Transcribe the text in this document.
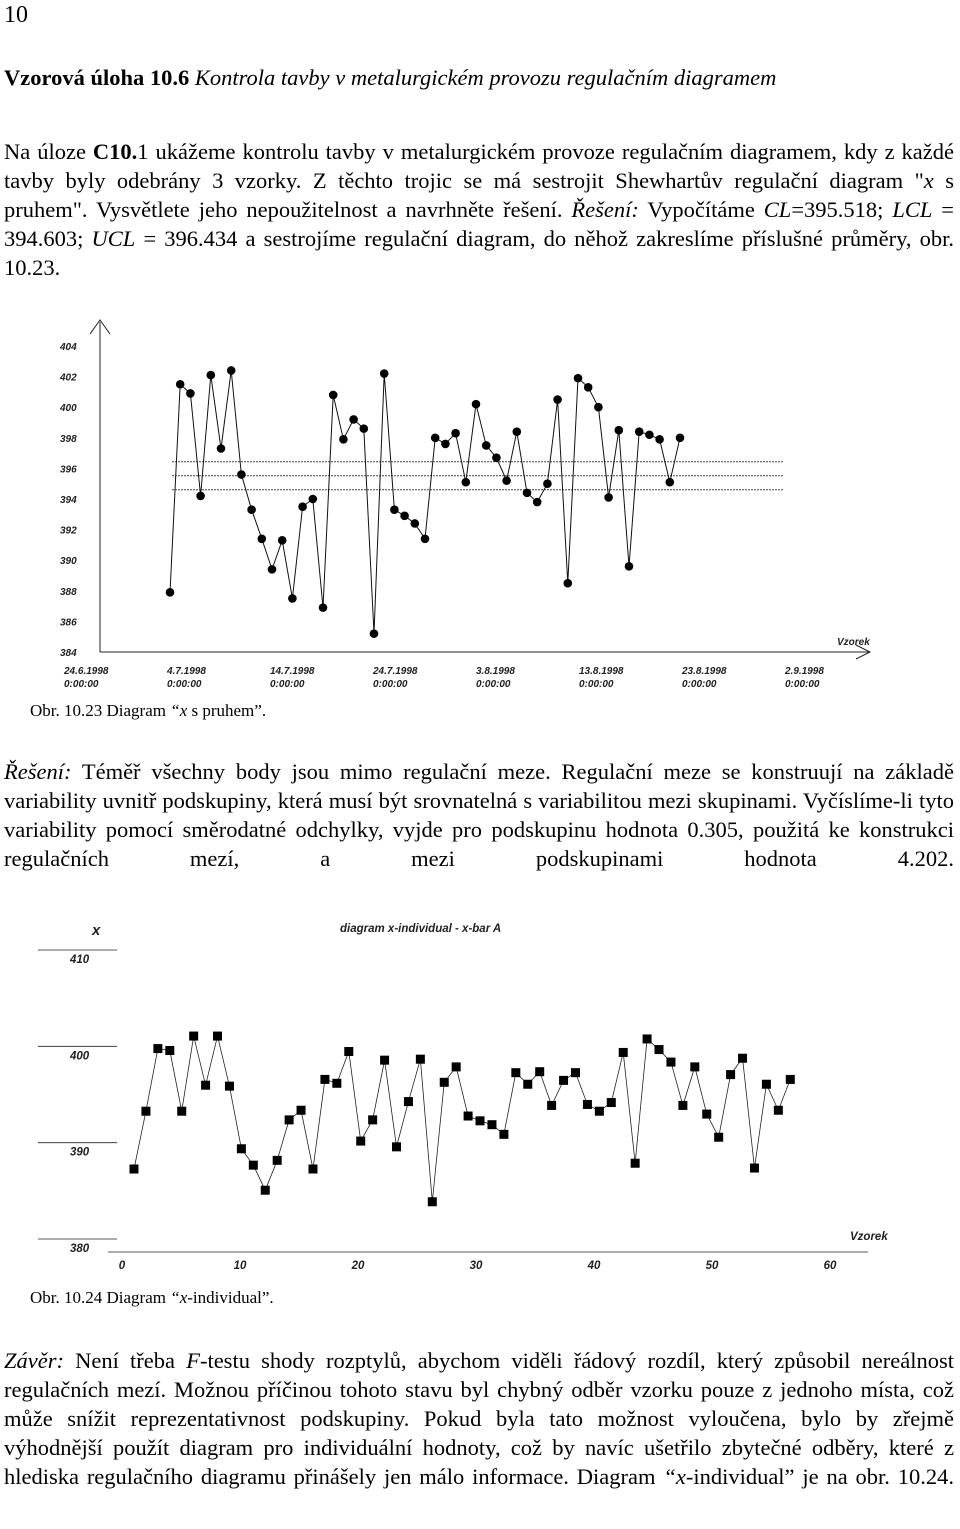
10
Vzorová úloha 10.6 Kontrola tavby v metalurgickém provozu regulačním diagramem
Na úloze C10.1 ukážeme kontrolu tavby v metalurgickém provoze regulačním diagramem, kdy z každé tavby byly odebrány 3 vzorky. Z těchto trojic se má sestrojit Shewhartův regulační diagram "x s pruhem". Vysvětlete jeho nepoužitelnost a navrhněte řešení. Řešení: Vypočítáme CL=395.518; LCL = 394.603; UCL = 396.434 a sestrojíme regulační diagram, do něhož zakreslíme příslušné průměry, obr. 10.23.
404
402
400
398
396
394
392
390
388
386
384
24.6.1998
0:00:00
4.7.1998
0:00:00
14.7.1998
0:00:00
24.7.1998
0:00:00
3.8.1998
0:00:00
13.8.1998
0:00:00
23.8.1998
0:00:00
2.9.1998
0:00:00
Vzorek
Obr. 10.23 Diagram “x s pruhem”.
Řešení: Téměř všechny body jsou mimo regulační meze. Regulační meze se konstruují na základě variability uvnitř podskupiny, která musí být srovnatelná s variabilitou mezi skupinami. Vyčíslíme-li tyto variability pomocí směrodatné odchylky, vyjde pro podskupinu hodnota 0.305, použitá ke konstrukci regulačních mezí, a mezi podskupinami hodnota 4.202.
x	diagram x-individual - x-bar A
410
400
390
380
0	10	20	30	40	50	60
Vzorek
Obr. 10.24 Diagram “x-individual”.
Závěr: Není třeba F-testu shody rozptylů, abychom viděli řádový rozdíl, který způsobil nereálnost regulačních mezí. Možnou příčinou tohoto stavu byl chybný odběr vzorku pouze z jednoho místa, což může snížit reprezentativnost podskupiny. Pokud byla tato možnost vyloučena, bylo by zřejmě výhodnější použít diagram pro individuální hodnoty, což by navíc ušetřilo zbytečné odběry, které z hlediska regulačního diagramu přinášely jen málo informace. Diagram “x-individual” je na obr. 10.24.
